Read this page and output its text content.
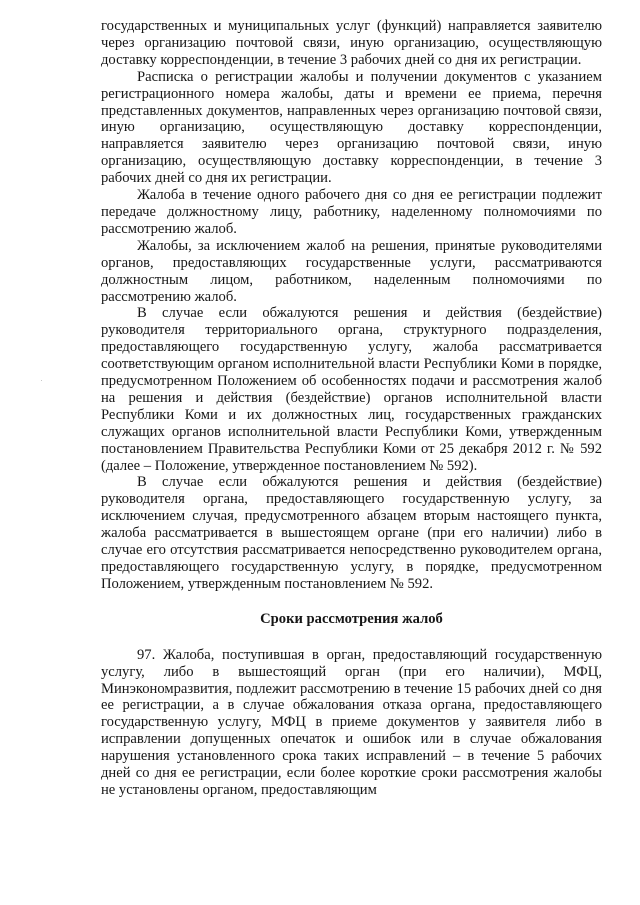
государственных и муниципальных услуг (функций) направляется заявителю через организацию почтовой связи, иную организацию, осуществляющую доставку корреспонденции, в течение 3 рабочих дней со дня их регистрации.

Расписка о регистрации жалобы и получении документов с указанием регистрационного номера жалобы, даты и времени ее приема, перечня представленных документов, направленных через организацию почтовой связи, иную организацию, осуществляющую доставку корреспонденции, направляется заявителю через организацию почтовой связи, иную организацию, осуществляющую доставку корреспонденции, в течение 3 рабочих дней со дня их регистрации.

Жалоба в течение одного рабочего дня со дня ее регистрации подлежит передаче должностному лицу, работнику, наделенному полномочиями по рассмотрению жалоб.

Жалобы, за исключением жалоб на решения, принятые руководителями органов, предоставляющих государственные услуги, рассматриваются должностным лицом, работником, наделенным полномочиями по рассмотрению жалоб.

В случае если обжалуются решения и действия (бездействие) руководителя территориального органа, структурного подразделения, предоставляющего государственную услугу, жалоба рассматривается соответствующим органом исполнительной власти Республики Коми в порядке, предусмотренном Положением об особенностях подачи и рассмотрения жалоб на решения и действия (бездействие) органов исполнительной власти Республики Коми и их должностных лиц, государственных гражданских служащих органов исполнительной власти Республики Коми, утвержденным постановлением Правительства Республики Коми от 25 декабря 2012 г. № 592 (далее – Положение, утвержденное постановлением № 592).

В случае если обжалуются решения и действия (бездействие) руководителя органа, предоставляющего государственную услугу, за исключением случая, предусмотренного абзацем вторым настоящего пункта, жалоба рассматривается в вышестоящем органе (при его наличии) либо в случае его отсутствия рассматривается непосредственно руководителем органа, предоставляющего государственную услугу, в порядке, предусмотренном Положением, утвержденным постановлением № 592.

Сроки рассмотрения жалоб

97. Жалоба, поступившая в орган, предоставляющий государственную услугу, либо в вышестоящий орган (при его наличии), МФЦ, Минэкономразвития, подлежит рассмотрению в течение 15 рабочих дней со дня ее регистрации, а в случае обжалования отказа органа, предоставляющего государственную услугу, МФЦ в приеме документов у заявителя либо в исправлении допущенных опечаток и ошибок или в случае обжалования нарушения установленного срока таких исправлений – в течение 5 рабочих дней со дня ее регистрации, если более короткие сроки рассмотрения жалобы не установлены органом, предоставляющим
